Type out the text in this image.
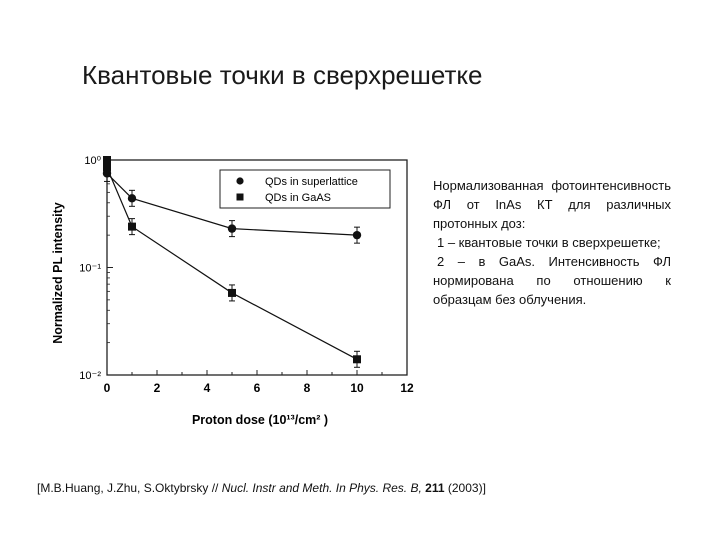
Квантовые точки в сверхрешетке
0	2	4	6	8	10	12
10⁰
10⁻¹
10⁻²
QDs in superlattice
QDs in GaAS
Proton dose (10¹³/cm² )
Normalized PL intensity

Нормализованная фотоинтенсивность ФЛ от InAs КТ для различных протонных доз:

1 – квантовые точки в сверхрешетке;

2 – в GaAs. Интенсивность ФЛ нормирована по отношению к образцам без облучения.

[M.B.Huang, J.Zhu, S.Oktybrsky // Nucl. Instr and Meth. In Phys. Res. B, 211 (2003)]
